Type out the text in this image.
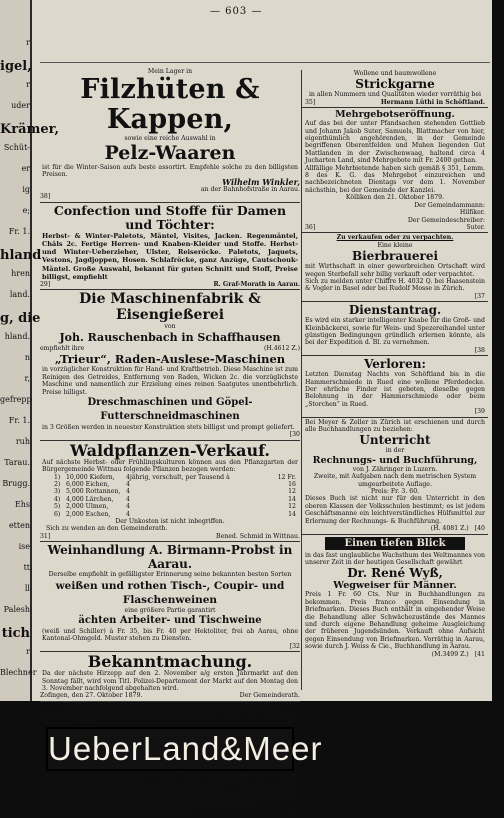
r
igel,
r
uder
Krämer,
Schüt-
er
ig
e;
Fr. 1.
hland
hren
land.
g, die
hland.
n
r,
gefrepp
Fr. 1.
ruh
Tarau.
Brugg.
Ehs
etten
ise
tt
ll
Palesh
tich
r
Blechner
— 603 —
Mein Lager in
Filzhüten & Kappen,
sowie eine reiche Auswahl in
Pelz-Waaren
ist für die Winter-Saison aufs beste assortirt. Empfehle solche zu den billigsten Preisen.
Wilhelm Winkler,
an der Bahnhofstraße in Aarau.
38]
Confection und Stoffe für Damen und Töchter:
Herbst- & Winter-Paletots, Mäntel, Visites, Jacken. Regenmäntel, Châls 2c. Fertige Herren- und Knaben-Kleider und Stoffe. Herbst- und Winter-Ueberzieher, Ulster, Reiseröcke. Paletots, Jaquets, Vestons, Jagdjoppen, Hosen. Schlafröcke, ganz Anzüge, Cautschouk-Mäntel. Große Auswahl, bekannt für guten Schnitt und Stoff, Preise billigst, empfiehlt
29]	R. Graf-Morath in Aarau.
Die Maschinenfabrik & Eisengießerei
von
Joh. Rauschenbach in Schaffhausen
empfiehlt ihre	(H.4612 Z.)
„Trieur“, Raden-Auslese-Maschinen
in vorzüglicher Konstruktion für Hand- und Kraftbetrieb. Diese Maschine ist zum Reinigen des Getreides, Entfernung von Raden, Wicken 2c. die vorzüglichste Maschine und namentlich zur Erzielung eines reinen Saatgutes unentbehrlich. Preise billigst.
Dreschmaschinen und Göpel-Futterschneidmaschinen
in 3 Größen werden in neuester Konstruktion stets billigst und prompt geliefert.
[30
Waldpflanzen-Verkauf.
Auf nächste Herbst- oder Frühlingskulturen können aus den Pflanzgarten der Bürgergemeinde Wittnau folgende Pflanzen bezogen werden:
1) 10,000 Kiefern,	4jährig, verschult, per Tausend à	12 Fr.
2) 6,000 Eichen,	4	16
3) 5,000 Rottannen, 4	12
4) 4,000 Lärchen,	4	14
5) 2,000 Ulmen,	4	12
6) 2,000 Eschen,	4	14
Der Unkosten ist nicht inbegriffen.
Sich zu wenden an den Gemeinderath.
31]	Bened. Schmid in Wittnau.
Weinhandlung A. Birmann-Probst in Aarau.
Derselbe empfiehlt in gefälligster Erinnerung seine bekannten besten Sorten
weißen und rothen Tisch-, Coupir- und Flaschenweinen
eine größere Partie garantirt
ächten Arbeiter- und Tischweine
(weiß und Schiller) à Fr. 35, bis Fr. 40 per Hektoliter, frei ab Aarau, ohne Kantonal-Ohmgeld. Muster stehen zu Diensten.
[32
Bekanntmachung.
Da der nächste Hirzepp auf den 2. November a/g ersten Jahrmarkt auf den Sonntag fällt, wird vom Titl. Polizei-Departement der Markt auf den Montag den 3. November nachfolgend abgehalten wird.
Zofingen, den 27. Oktober 1879.	Der Gemeinderath.
Sehr reichhaltig — sehr gut — sehr schön — und sehr billig
ist die bekannte und mit vollem Rechte so beliebte und so weit verbreitete illustrirte Familienzeitschrift
UeberLand&Meer
Wöchentlich eine Nummer von 2½ Bogen — oder 14tägig ein Heft von 3 Bogen. Preis monatlich nur eine Mark.
Probe-Nummer und Probe-Hefte des soeben beginnenden 22. Jahrgangs in jeder Buchhandlung vorräthig. Alle Buchhandlungen und alle Postämter nehmen Bestellungen an; letztere jedoch nur auf die wöchentliche Ausgabe.
In Aarau: bei Eduard Albrecht, Buchhandlung.	[34
Wollene und baumwollene
Strickgarne
in allen Nummern und Qualitäten wieder vorräthig bei
35]	Hermann Lüthi in Schöftland.
Mehrgebotseröffnung.
Auf das bei der unter Pfandsachen stehenden Gottlieb und Johann Jakob Suter, Samuels, Blattmacher von hier, eigenthümlich angehörenden, in der Gemeinde begriffenen Oberentfelden und Muhen liegenden Gut Mattlanden in der Zwischenwaag, haltend circa 4 Jucharten Land, sind Mehrgebote mit Fr. 2400 gethan.
Allfällige Mehrbietende haben sich gemäß § 351, Lemm. 8 des K. G. das Mehrgebot einzureichen und nachbezeichneten Dientags vor dem 1. November nächsthin, bei der Gemeinde der Kanzlei.
Kölliken den 21. Oktober 1879.
Der Gemeindammann:
Hilfiker.
Der Gemeindeschreiber:
36]	Suter.
Zu verkaufen oder zu verpachten.
Eine kleine
Bierbrauerei
mit Wirthschaft in einer gewerbreichen Ortschaft wird wegen Sterbefall sehr billig verkauft oder verpachtet.
Sich zu melden unter Chiffre H. 4032 Q. bei Haasenstein & Vogler in Basel oder bei Rudolf Mosse in Zürich.
[37
Dienstantrag.
Es wird ein starker intelligenter Knabe für die Groß- und Kleinbäckerei, sowie für Wein- und Spezereihandel unter günstigen Bedingungen gründlich erlernen könnte, als bei der Expedition d. Bl. zu vernehmen.
[38
Verloren:
Letzten Dienstag Nachts von Schöftland bis in die Hammerschmiede in Rued eine wollene Pferdedecke. Der ehrliche Finder ist gebeten, dieselbe gegen Belohnung in der Hammerschmiede oder beim „Storchen“ in Rued.
[39
Bei Meyer & Zeller in Zürich ist erschienen und durch alle Buchhandlungen zu beziehen:
Unterricht
in der
Rechnungs- und Buchführung,
von J. Zähringer in Luzern.
Zweite, mit Aufgaben nach dem metrischen System umgearbeitete Auflage.
Preis: Fr. 3. 60.
Dieses Buch ist nicht nur für den Unterricht in den oberen Klassen der Volksschulen bestimmt; es ist jedem Geschäftsmanne ein leichtverständliches Hülfsmittel zur Erlernung der Rechnungs- & Buchführung.
(H. 4081 Z.) [40
Einen tiefen Blick
in das fast unglaubliche Wachsthum des Weltmannes von unserer Zeit in der heutigen Gesellschaft gewährt
Dr. René Wyß,
Wegweiser für Männer.
Preis 1 Fr. 60 Cts. Nur in Buchhandlungen zu bekommen. Preis franco gegen Einsendung in Briefmarken. Dieses Buch enthält in eingehender Weise die Behandlung aller Schwächezustände des Mannes und durch eigene Behandlung geheime Ausgleichung der früheren Jugendsünden. Verkauft ohne Aufsicht gegen Einsendung von Briefmarken. Vorräthig in Aarau, sowie durch J. Weiss & Cie., Buchhandlung in Aarau.
(M.3499 Z.) [41
